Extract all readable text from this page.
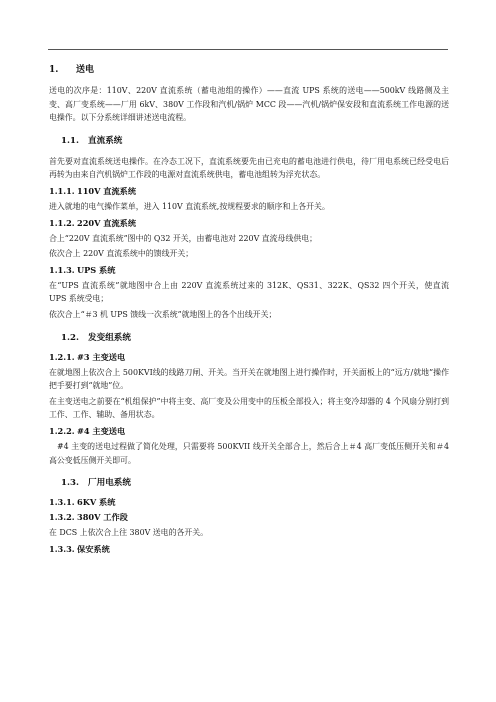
1. 送电

送电的次序是：110V、220V 直流系统（蓄电池组的操作）——直流 UPS 系统的送电——500kV 线路侧及主变、高厂变系统——厂用 6kV、380V 工作段和汽机/锅炉 MCC 段——汽机/锅炉保安段和直流系统工作电源的送电操作。以下分系统详细讲述送电流程。

1.1. 直流系统

首先要对直流系统送电操作。在冷态工况下，直流系统要先由已充电的蓄电池进行供电，待厂用电系统已经受电后再转为由来自汽机锅炉工作段的电源对直流系统供电，蓄电池组转为浮充状态。

1.1.1. 110V 直流系统

进入就地的电气操作菜单，进入 110V 直流系统,按规程要求的顺序和上各开关。

1.1.2. 220V 直流系统

合上“220V 直流系统”图中的 Q32 开关，由蓄电池对 220V 直流母线供电；

依次合上 220V 直流系统中的馈线开关；

1.1.3. UPS 系统

在“UPS 直流系统”就地图中合上由 220V 直流系统过来的 312K、QS31、322K、QS32 四个开关，使直流 UPS 系统受电；

依次合上“＃3 机 UPS 馈线一次系统”就地图上的各个出线开关；

1.2. 发变组系统
1.2.1. #3 主变送电

在就地图上依次合上 500KVⅠ线的线路刀闸、开关。当开关在就地图上进行操作时，开关面板上的“远方/就地”操作把手要打到“就地”位。

在主变送电之前要在“机组保护”中将主变、高厂变及公用变中的压板全部投入；将主变冷却器的 4 个风扇分别打到工作、工作、辅助、备用状态。

1.2.2. #4 主变送电

#4 主变的送电过程做了简化处理，只需要将 500KVII 线开关全部合上，然后合上＃4 高厂变低压侧开关和＃4 高公变低压侧开关即可。

1.3. 厂用电系统
1.3.1. 6KV 系统
1.3.2. 380V 工作段

在 DCS 上依次合上往 380V 送电的各开关。

1.3.3. 保安系统
